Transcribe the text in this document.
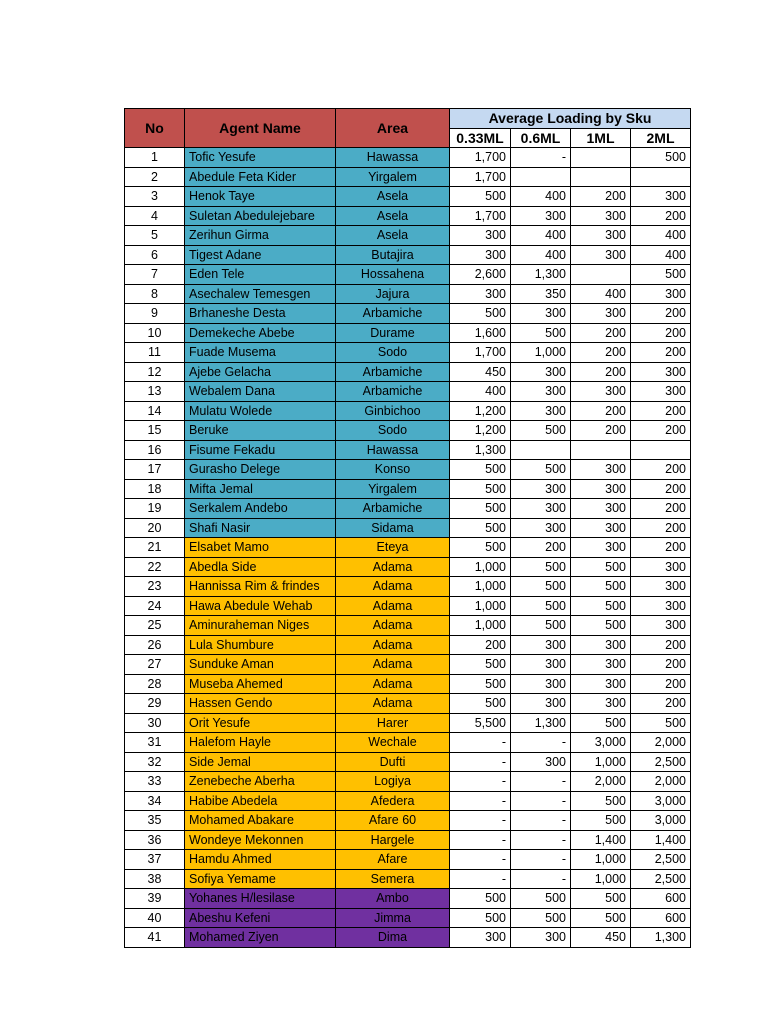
No	Agent Name	Area	Average Loading by Sku			
			0.33ML	0.6ML	1ML	2ML
1	Tofic Yesufe	Hawassa	1,700	-		500
2	Abedule Feta Kider	Yirgalem	1,700			
3	Henok Taye	Asela	500	400	200	300
4	Suletan Abedulejebare	Asela	1,700	300	300	200
5	Zerihun Girma	Asela	300	400	300	400
6	Tigest Adane	Butajira	300	400	300	400
7	Eden Tele	Hossahena	2,600	1,300		500
8	Asechalew Temesgen	Jajura	300	350	400	300
9	Brhaneshe Desta	Arbamiche	500	300	300	200
10	Demekeche Abebe	Durame	1,600	500	200	200
11	Fuade Musema	Sodo	1,700	1,000	200	200
12	Ajebe Gelacha	Arbamiche	450	300	200	300
13	Webalem Dana	Arbamiche	400	300	300	300
14	Mulatu Wolede	Ginbichoo	1,200	300	200	200
15	Beruke	Sodo	1,200	500	200	200
16	Fisume Fekadu	Hawassa	1,300			
17	Gurasho Delege	Konso	500	500	300	200
18	Mifta Jemal	Yirgalem	500	300	300	200
19	Serkalem Andebo	Arbamiche	500	300	300	200
20	Shafi Nasir	Sidama	500	300	300	200
21	Elsabet Mamo	Eteya	500	200	300	200
22	Abedla Side	Adama	1,000	500	500	300
23	Hannissa Rim & frindes	Adama	1,000	500	500	300
24	Hawa Abedule Wehab	Adama	1,000	500	500	300
25	Aminuraheman Niges	Adama	1,000	500	500	300
26	Lula Shumbure	Adama	200	300	300	200
27	Sunduke Aman	Adama	500	300	300	200
28	Museba Ahemed	Adama	500	300	300	200
29	Hassen Gendo	Adama	500	300	300	200
30	Orit Yesufe	Harer	5,500	1,300	500	500
31	Halefom Hayle	Wechale	-	-	3,000	2,000
32	Side Jemal	Dufti	-	300	1,000	2,500
33	Zenebeche Aberha	Logiya	-	-	2,000	2,000
34	Habibe Abedela	Afedera	-	-	500	3,000
35	Mohamed Abakare	Afare 60	-	-	500	3,000
36	Wondeye Mekonnen	Hargele	-	-	1,400	1,400
37	Hamdu Ahmed	Afare	-	-	1,000	2,500
38	Sofiya Yemame	Semera	-	-	1,000	2,500
39	Yohanes H/lesilase	Ambo	500	500	500	600
40	Abeshu Kefeni	Jimma	500	500	500	600
41	Mohamed Ziyen	Dima	300	300	450	1,300
